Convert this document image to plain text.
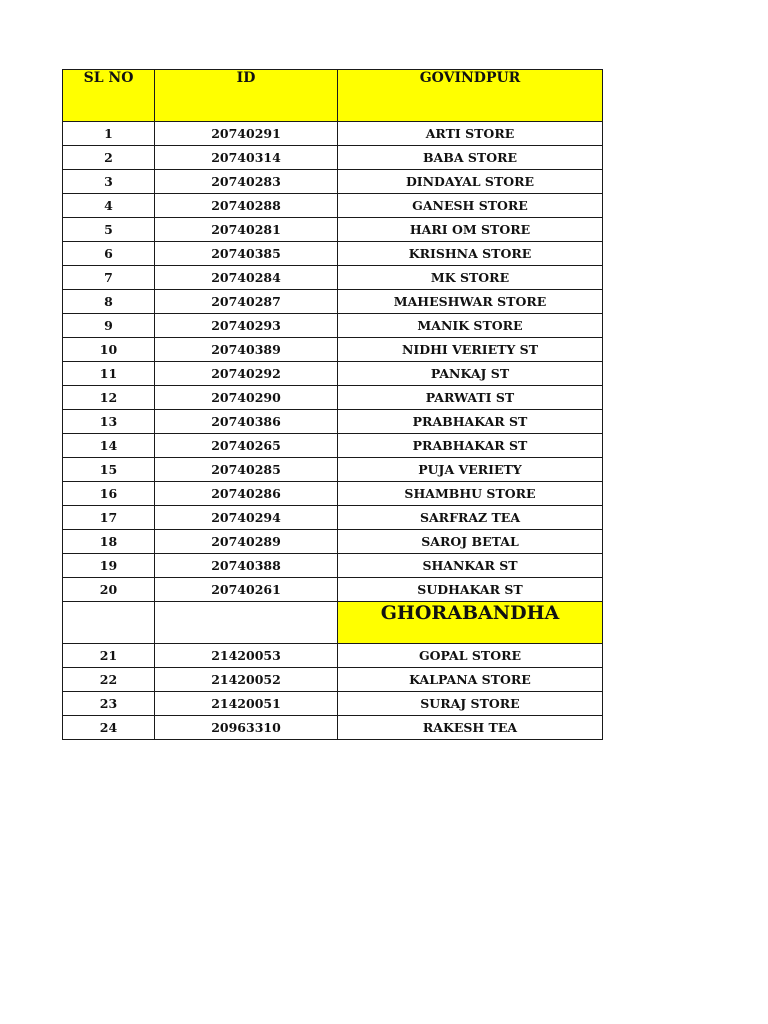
SL NO	ID	GOVINDPUR
1	20740291	ARTI STORE
2	20740314	BABA STORE
3	20740283	DINDAYAL STORE
4	20740288	GANESH STORE
5	20740281	HARI OM STORE
6	20740385	KRISHNA STORE
7	20740284	MK STORE
8	20740287	MAHESHWAR STORE
9	20740293	MANIK STORE
10	20740389	NIDHI VERIETY ST
11	20740292	PANKAJ ST
12	20740290	PARWATI ST
13	20740386	PRABHAKAR ST
14	20740265	PRABHAKAR ST
15	20740285	PUJA VERIETY
16	20740286	SHAMBHU STORE
17	20740294	SARFRAZ TEA
18	20740289	SAROJ BETAL
19	20740388	SHANKAR ST
20	20740261	SUDHAKAR ST
		GHORABANDHA
21	21420053	GOPAL STORE
22	21420052	KALPANA STORE
23	21420051	SURAJ STORE
24	20963310	RAKESH TEA
